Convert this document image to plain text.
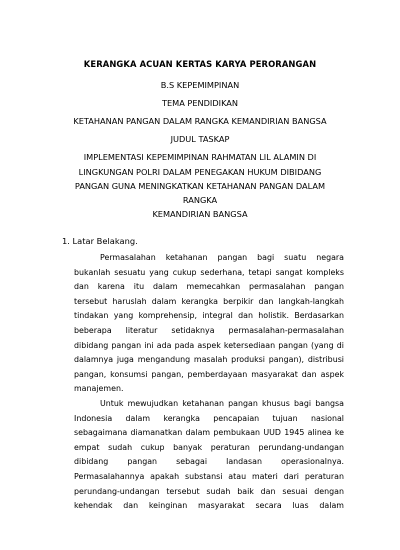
KERANGKA ACUAN KERTAS KARYA PERORANGAN
B.S KEPEMIMPINAN
TEMA PENDIDIKAN
KETAHANAN PANGAN DALAM RANGKA KEMANDIRIAN BANGSA
JUDUL TASKAP
IMPLEMENTASI KEPEMIMPINAN RAHMATAN LIL ALAMIN DI
LINGKUNGAN POLRI DALAM PENEGAKAN HUKUM DIBIDANG
PANGAN GUNA MENINGKATKAN KETAHANAN PANGAN DALAM
RANGKA
KEMANDIRIAN BANGSA
1. Latar Belakang.
Permasalahan ketahanan pangan bagi suatu negara
bukanlah sesuatu yang cukup sederhana, tetapi sangat kompleks
dan karena itu dalam memecahkan permasalahan pangan
tersebut haruslah dalam kerangka berpikir dan langkah-langkah
tindakan yang komprehensip, integral dan holistik. Berdasarkan
beberapa literatur setidaknya permasalahan-permasalahan
dibidang pangan ini ada pada aspek ketersediaan pangan (yang di
dalamnya juga mengandung masalah produksi pangan), distribusi
pangan, konsumsi pangan, pemberdayaan masyarakat dan aspek
manajemen.
Untuk mewujudkan ketahanan pangan khusus bagi bangsa
Indonesia dalam kerangka pencapaian tujuan nasional
sebagaimana diamanatkan dalam pembukaan UUD 1945 alinea ke
empat sudah cukup banyak peraturan perundang-undangan
dibidang pangan sebagai landasan operasionalnya.
Permasalahannya apakah substansi atau materi dari peraturan
perundang-undangan tersebut sudah baik dan sesuai dengan
kehendak dan keinginan masyarakat secara luas dalam
